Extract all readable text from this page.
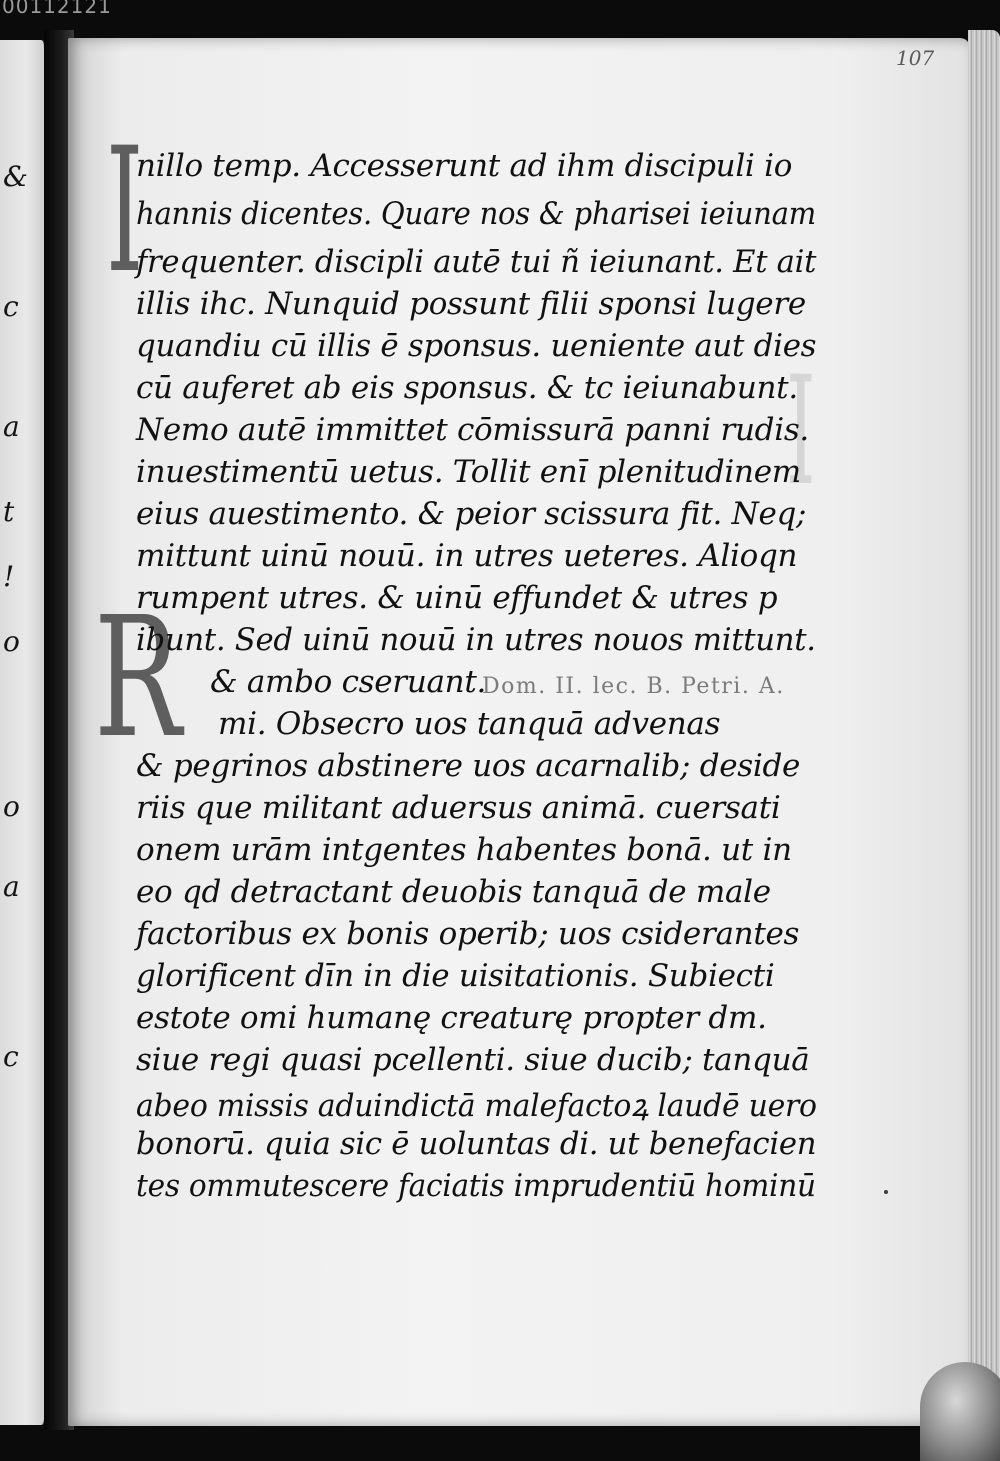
00112121
&
c
a
t
!
o
o
a
c
107
I
I
R
nillo temp. Accesserunt ad ihm discipuli io
hannis dicentes. Quare nos & pharisei ieiunam
frequenter. discipli autē tui ñ ieiunant. Et ait
illis ihc. Nunquid possunt filii sponsi lugere
quandiu cū illis ē sponsus. ueniente aut dies
cū auferet ab eis sponsus. & tc ieiunabunt.
Nemo autē immittet cōmissurā panni rudis.
inuestimentū uetus. Tollit enī plenitudinem
eius auestimento. & peior scissura fit. Neq;
mittunt uinū nouū. in utres ueteres. Alioqn
rumpent utres. & uinū effundet & utres p
ibunt. Sed uinū nouū in utres nouos mittunt.
& ambo cseruant.
Dom. II. lec. B. Petri. A.
mi. Obsecro uos tanquā advenas
& pegrinos abstinere uos acarnalib; deside
riis que militant aduersus animā. cuersati
onem urām intgentes habentes bonā. ut in
eo qd detractant deuobis tanquā de male
factoribus ex bonis operib; uos csiderantes
glorificent dīn in die uisitationis. Subiecti
estote omi humanę creaturę propter dm.
siue regi quasi pcellenti. siue ducib; tanquā
abeo missis aduindictā malefactoꝝ laudē uero
bonorū. quia sic ē uoluntas di. ut benefacien
tes ommutescere faciatis imprudentiū hominū
